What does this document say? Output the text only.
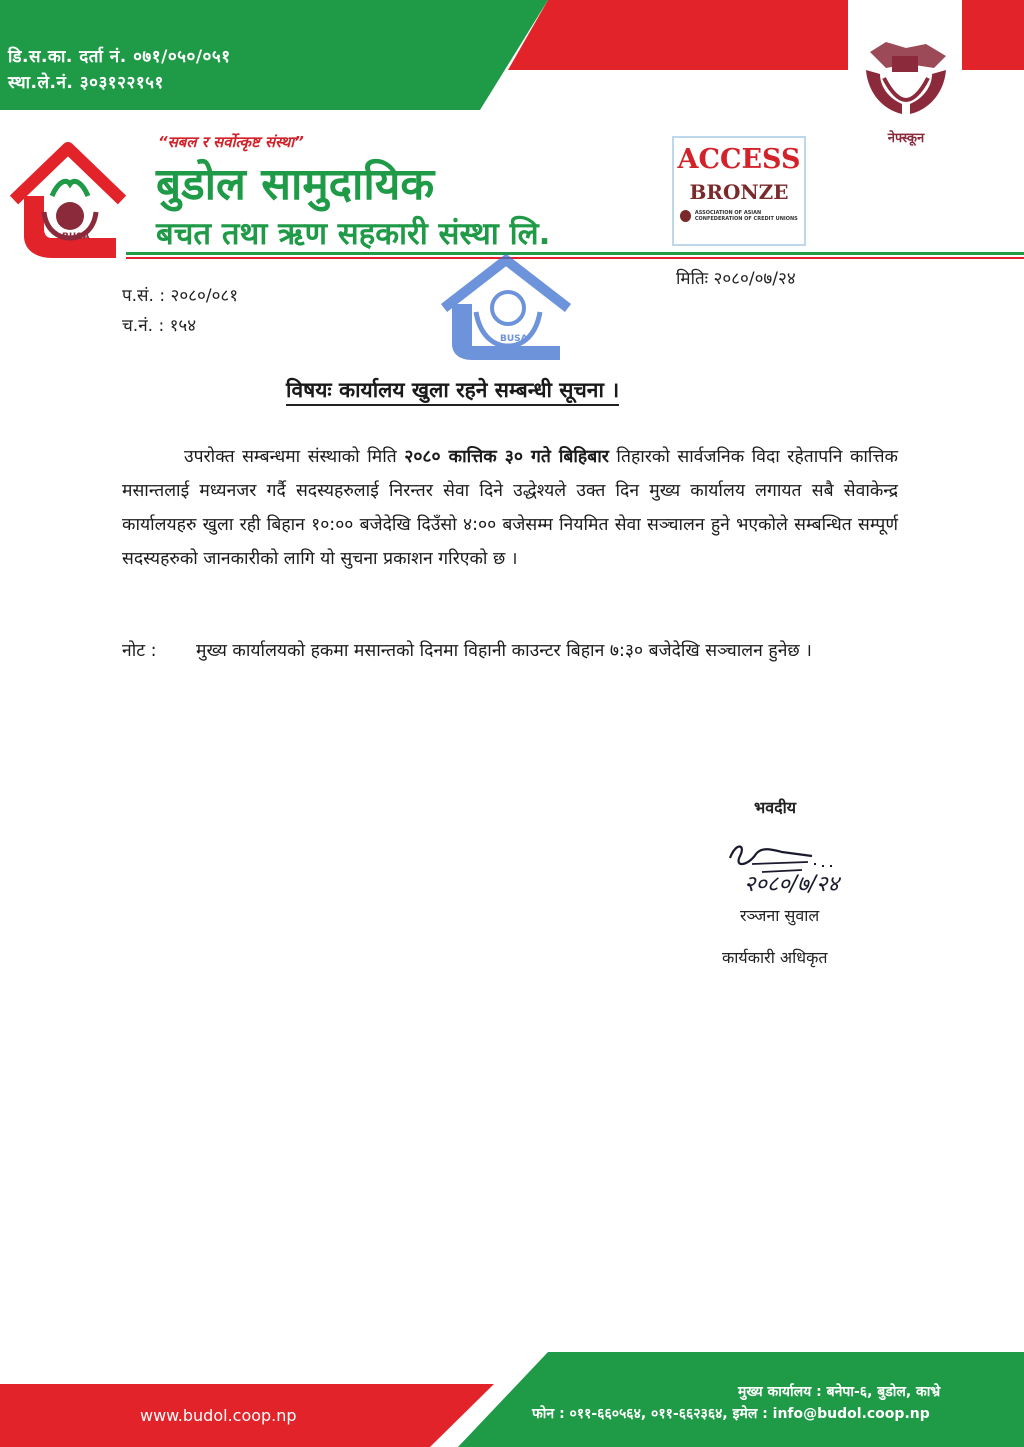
डि.स.का. दर्ता नं. ०७१/०५०/०५१
स्था.ले.नं. ३०३१२२१५१
नेफ्स्कून
BUSA
“सबल र सर्वोत्कृष्ट संस्था”
बुडोल सामुदायिक
बचत तथा ऋण सहकारी संस्था लि.
ACCESS
BRONZE
ASSOCIATION OF ASIAN CONFEDERATION OF CREDIT UNIONS
प.सं. : २०८०/०८१
च.नं. : १५४
मितिः २०८०/०७/२४
BUSA
विषयः कार्यालय खुला रहने सम्बन्धी सूचना ।
उपरोक्त सम्बन्धमा संस्थाको मिति २०८० कात्तिक ३० गते बिहिबार तिहारको सार्वजनिक विदा रहेतापनि कात्तिक मसान्तलाई मध्यनजर गर्दै सदस्यहरुलाई निरन्तर सेवा दिने उद्धेश्यले उक्त दिन मुख्य कार्यालय लगायत सबै सेवाकेन्द्र कार्यालयहरु खुला रही बिहान १०:०० बजेदेखि दिउँसो ४:०० बजेसम्म नियमित सेवा सञ्चालन हुने भएकोले सम्बन्धित सम्पूर्ण सदस्यहरुको जानकारीको लागि यो सुचना प्रकाशन गरिएको छ ।
नोट :	मुख्य कार्यालयको हकमा मसान्तको दिनमा विहानी काउन्टर बिहान ७:३० बजेदेखि सञ्चालन हुनेछ ।
भवदीय
२०८०/७/२४
रञ्जना सुवाल
कार्यकारी अधिकृत
www.budol.coop.np
मुख्य कार्यालय : बनेपा-६, बुडोल, काभ्रे
फोन : ०११-६६०५६४, ०११-६६२३६४, इमेल : info@budol.coop.np
